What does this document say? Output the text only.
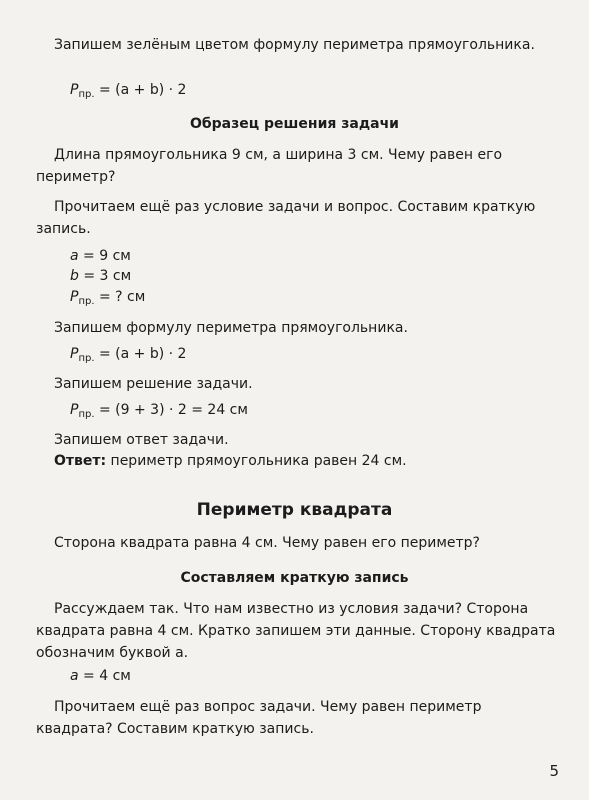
Запишем зелёным цветом формулу периметра прямоугольника.

$P_{пр.} = (a + b) \cdot 2$
Образец решения задачи

Длина прямоугольника 9 см, а ширина 3 см. Чему равен его периметр?

Прочитаем ещё раз условие задачи и вопрос. Составим краткую запись.

a = 9 см
b = 3 см
$P_{пр.}$ = ? см
Запишем формулу периметра прямоугольника.
$P_{пр.} = (a + b) \cdot 2$
Запишем решение задачи.
$P_{пр.} = (9 + 3) \cdot 2 = 24$ см
Запишем ответ задачи.
Ответ: периметр прямоугольника равен 24 см.
Периметр квадрата

Сторона квадрата равна 4 см. Чему равен его периметр?

Составляем краткую запись

Рассуждаем так. Что нам известно из условия задачи? Сторона квадрата равна 4 см. Кратко запишем эти данные. Сторону квадрата обозначим буквой a.

a = 4 см

Прочитаем ещё раз вопрос задачи. Чему равен периметр квадрата? Составим краткую запись.

5
